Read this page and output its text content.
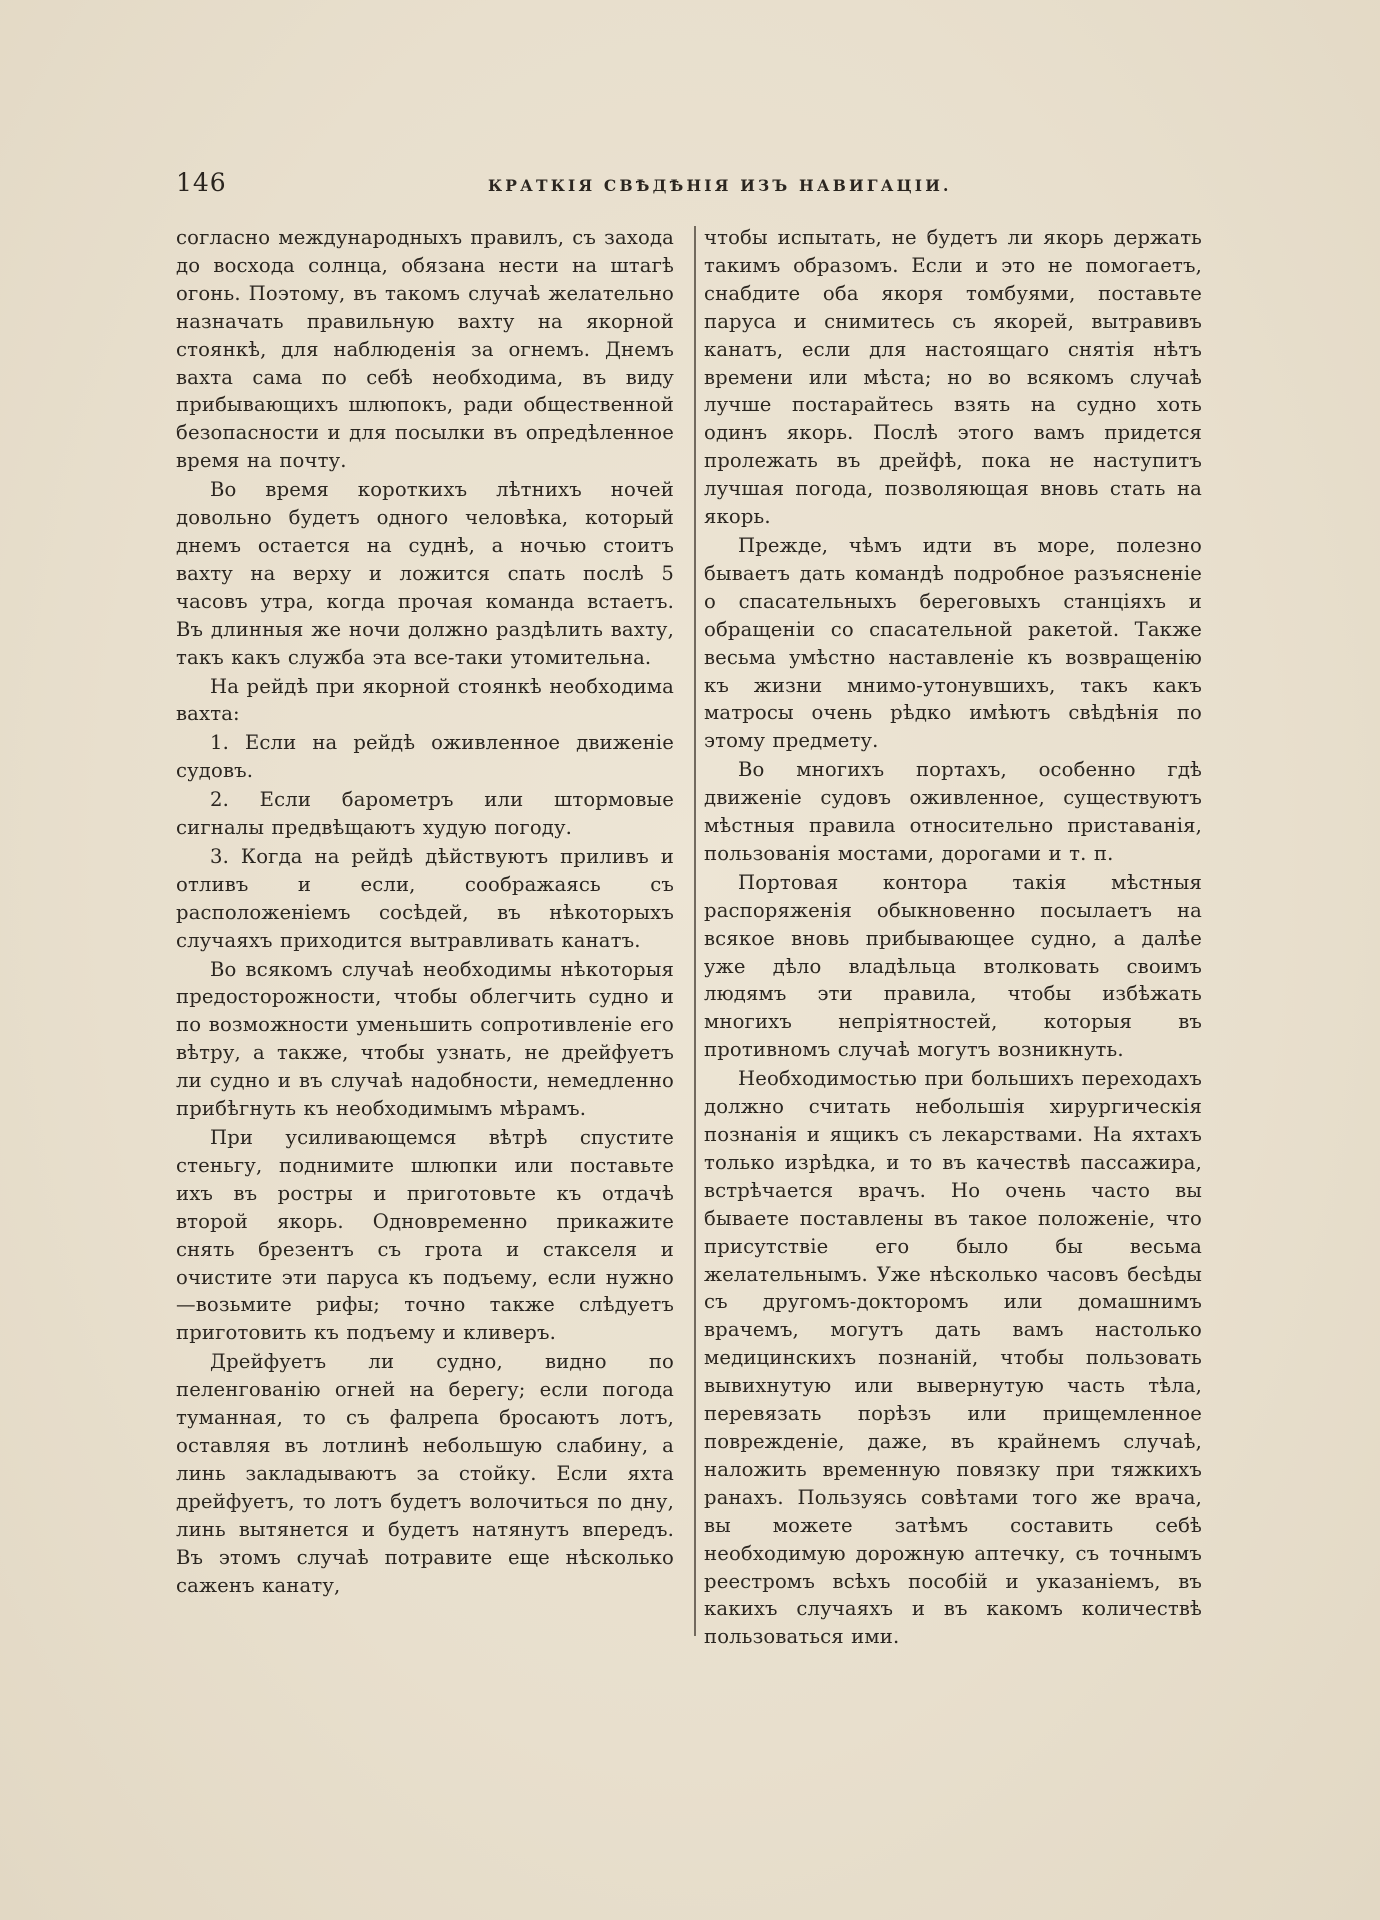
146	КРАТКІЯ СВѢДѢНІЯ ИЗЪ НАВИГАЦІИ.

согласно международныхъ правилъ, съ захода до восхода солнца, обязана нести на штагѣ огонь. Поэтому, въ такомъ случаѣ желательно назначать правильную вахту на якорной стоянкѣ, для наблюденія за огнемъ. Днемъ вахта сама по себѣ необходима, въ виду прибывающихъ шлюпокъ, ради общественной безопасности и для посылки въ опредѣленное время на почту.

Во время короткихъ лѣтнихъ ночей довольно будетъ одного человѣка, который днемъ остается на суднѣ, а ночью стоитъ вахту на верху и ложится спать послѣ 5 часовъ утра, когда прочая команда встаетъ. Въ длинныя же ночи должно раздѣлить вахту, такъ какъ служба эта все-таки утомительна.

На рейдѣ при якорной стоянкѣ необходима вахта:

1. Если на рейдѣ оживленное движеніе судовъ.

2. Если барометръ или штормовые сигналы предвѣщаютъ худую погоду.

3. Когда на рейдѣ дѣйствуютъ приливъ и отливъ и если, соображаясь съ расположеніемъ сосѣдей, въ нѣкоторыхъ случаяхъ приходится вытравливать канатъ.

Во всякомъ случаѣ необходимы нѣкоторыя предосторожности, чтобы облегчить судно и по возможности уменьшить сопротивленіе его вѣтру, а также, чтобы узнать, не дрейфуетъ ли судно и въ случаѣ надобности, немедленно прибѣгнуть къ необходимымъ мѣрамъ.

При усиливающемся вѣтрѣ спустите стеньгу, поднимите шлюпки или поставьте ихъ въ ростры и приготовьте къ отдачѣ второй якорь. Одновременно прикажите снять брезентъ съ грота и стакселя и очистите эти паруса къ подъему, если нужно—возьмите рифы; точно также слѣдуетъ приготовить къ подъему и кливеръ.

Дрейфуетъ ли судно, видно по пеленгованію огней на берегу; если погода туманная, то съ фалрепа бросаютъ лотъ, оставляя въ лотлинѣ небольшую слабину, а линь закладываютъ за стойку. Если яхта дрейфуетъ, то лотъ будетъ волочиться по дну, линь вытянется и будетъ натянутъ впередъ. Въ этомъ случаѣ потравите еще нѣсколько саженъ канату,

чтобы испытать, не будетъ ли якорь держать такимъ образомъ. Если и это не помогаетъ, снабдите оба якоря томбуями, поставьте паруса и снимитесь съ якорей, вытравивъ канатъ, если для настоящаго снятія нѣтъ времени или мѣста; но во всякомъ случаѣ лучше постарайтесь взять на судно хоть одинъ якорь. Послѣ этого вамъ придется пролежать въ дрейфѣ, пока не наступитъ лучшая погода, позволяющая вновь стать на якорь.

Прежде, чѣмъ идти въ море, полезно бываетъ дать командѣ подробное разъясненіе о спасательныхъ береговыхъ станціяхъ и обращеніи со спасательной ракетой. Также весьма умѣстно наставленіе къ возвращенію къ жизни мнимо-утонувшихъ, такъ какъ матросы очень рѣдко имѣютъ свѣдѣнія по этому предмету.

Во многихъ портахъ, особенно гдѣ движеніе судовъ оживленное, существуютъ мѣстныя правила относительно приставанія, пользованія мостами, дорогами и т. п.

Портовая контора такія мѣстныя распоряженія обыкновенно посылаетъ на всякое вновь прибывающее судно, а далѣе уже дѣло владѣльца втолковать своимъ людямъ эти правила, чтобы избѣжать многихъ непріятностей, которыя въ противномъ случаѣ могутъ возникнуть.

Необходимостью при большихъ переходахъ должно считать небольшія хирургическія познанія и ящикъ съ лекарствами. На яхтахъ только изрѣдка, и то въ качествѣ пассажира, встрѣчается врачъ. Но очень часто вы бываете поставлены въ такое положеніе, что присутствіе его было бы весьма желательнымъ. Уже нѣсколько часовъ бесѣды съ другомъ-докторомъ или домашнимъ врачемъ, могутъ дать вамъ настолько медицинскихъ познаній, чтобы пользовать вывихнутую или вывернутую часть тѣла, перевязать порѣзъ или прищемленное поврежденіе, даже, въ крайнемъ случаѣ, наложить временную повязку при тяжкихъ ранахъ. Пользуясь совѣтами того же врача, вы можете затѣмъ составить себѣ необходимую дорожную аптечку, съ точнымъ реестромъ всѣхъ пособій и указаніемъ, въ какихъ случаяхъ и въ какомъ количествѣ пользоваться ими.
